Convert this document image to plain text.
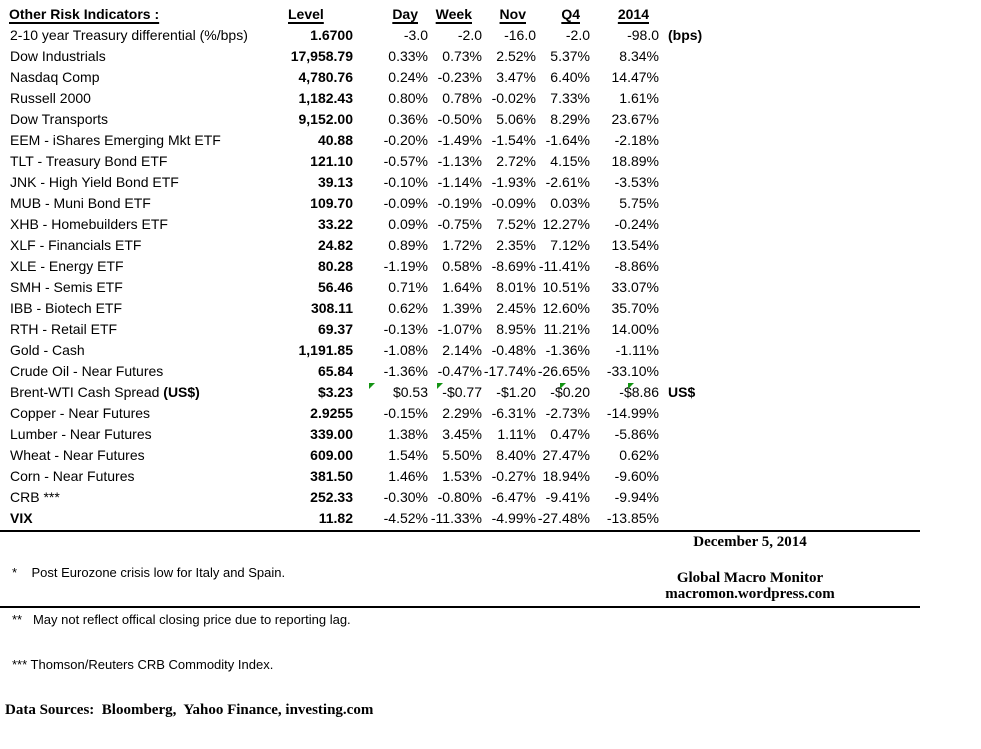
Other Risk Indicators :	Level	Day	Week	Nov	Q4	2014	
2-10 year Treasury differential (%/bps)	1.6700	-3.0	-2.0	-16.0	-2.0	-98.0	(bps)
Dow Industrials	17,958.79	0.33%	0.73%	2.52%	5.37%	8.34%	
Nasdaq Comp	4,780.76	0.24%	-0.23%	3.47%	6.40%	14.47%	
Russell 2000	1,182.43	0.80%	0.78%	-0.02%	7.33%	1.61%	
Dow Transports	9,152.00	0.36%	-0.50%	5.06%	8.29%	23.67%	
EEM - iShares Emerging Mkt ETF	40.88	-0.20%	-1.49%	-1.54%	-1.64%	-2.18%	
TLT - Treasury Bond ETF	121.10	-0.57%	-1.13%	2.72%	4.15%	18.89%	
JNK - High Yield Bond ETF	39.13	-0.10%	-1.14%	-1.93%	-2.61%	-3.53%	
MUB - Muni Bond ETF	109.70	-0.09%	-0.19%	-0.09%	0.03%	5.75%	
XHB - Homebuilders ETF	33.22	0.09%	-0.75%	7.52%	12.27%	-0.24%	
XLF - Financials ETF	24.82	0.89%	1.72%	2.35%	7.12%	13.54%	
XLE - Energy ETF	80.28	-1.19%	0.58%	-8.69%	-11.41%	-8.86%	
SMH - Semis ETF	56.46	0.71%	1.64%	8.01%	10.51%	33.07%	
IBB - Biotech ETF	308.11	0.62%	1.39%	2.45%	12.60%	35.70%	
RTH - Retail ETF	69.37	-0.13%	-1.07%	8.95%	11.21%	14.00%	
Gold - Cash	1,191.85	-1.08%	2.14%	-0.48%	-1.36%	-1.11%	
Crude Oil - Near Futures	65.84	-1.36%	-0.47%	-17.74%	-26.65%	-33.10%	
Brent-WTI Cash Spread (US$)	$3.23	$0.53	-$0.77	-$1.20	-$0.20	-$8.86	US$
Copper - Near Futures	2.9255	-0.15%	2.29%	-6.31%	-2.73%	-14.99%	
Lumber - Near Futures	339.00	1.38%	3.45%	1.11%	0.47%	-5.86%	
Wheat - Near Futures	609.00	1.54%	5.50%	8.40%	27.47%	0.62%	
Corn - Near Futures	381.50	1.46%	1.53%	-0.27%	18.94%	-9.60%	
CRB ***	252.33	-0.30%	-0.80%	-6.47%	-9.41%	-9.94%	
VIX	11.82	-4.52%	-11.33%	-4.99%	-27.48%	-13.85%	

*    Post Eurozone crisis low for Italy and Spain.

**   May not reflect offical closing price due to reporting lag.

*** Thomson/Reuters CRB Commodity Index.

Data Sources:  Bloomberg,  Yahoo Finance, investing.com

December 5, 2014
Global Macro Monitor
macromon.wordpress.com
